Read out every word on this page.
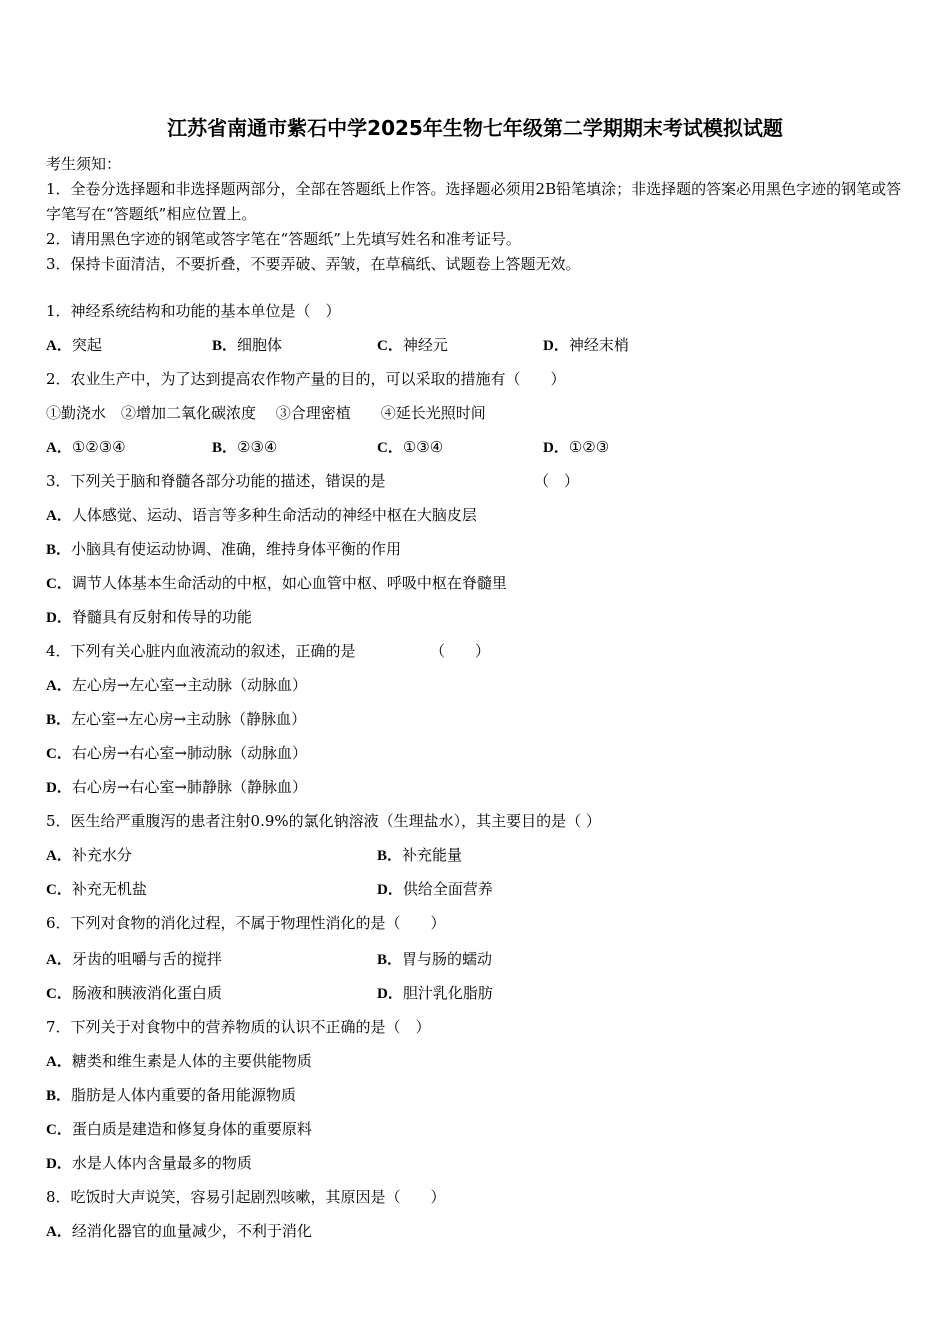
江苏省南通市紫石中学2025年生物七年级第二学期期末考试模拟试题

考生须知：

1．全卷分选择题和非选择题两部分，全部在答题纸上作答。选择题必须用2B铅笔填涂；非选择题的答案必用黑色字迹的钢笔或答字笔写在“答题纸”相应位置上。

2．请用黑色字迹的钢笔或答字笔在“答题纸”上先填写姓名和准考证号。

3．保持卡面清洁，不要折叠，不要弄破、弄皱，在草稿纸、试题卷上答题无效。

1．神经系统结构和功能的基本单位是（　）
A．突起	B．细胞体	C．神经元	D．神经末梢
2．农业生产中，为了达到提高农作物产量的目的，可以采取的措施有（　　）
①勤浇水　②增加二氧化碳浓度　 ③合理密植　　④延长光照时间
A．①②③④	B．②③④	C．①③④	D．①②③
3．下列关于脑和脊髓各部分功能的描述，错误的是	（　）
A．人体感觉、运动、语言等多种生命活动的神经中枢在大脑皮层
B．小脑具有使运动协调、准确，维持身体平衡的作用
C．调节人体基本生命活动的中枢，如心血管中枢、呼吸中枢在脊髓里
D．脊髓具有反射和传导的功能
4．下列有关心脏内血液流动的叙述，正确的是	（　　）
A．左心房→左心室→主动脉（动脉血）
B．左心室→左心房→主动脉（静脉血）
C．右心房→右心室→肺动脉（动脉血）
D．右心房→右心室→肺静脉（静脉血）
5．医生给严重腹泻的患者注射0.9%的氯化钠溶液（生理盐水），其主要目的是（ ）
A．补充水分	B．补充能量
C．补充无机盐	D．供给全面营养
6．下列对食物的消化过程，不属于物理性消化的是（　　）
A．牙齿的咀嚼与舌的搅拌	B．胃与肠的蠕动
C．肠液和胰液消化蛋白质	D．胆汁乳化脂肪
7．下列关于对食物中的营养物质的认识不正确的是（　）
A．糖类和维生素是人体的主要供能物质
B．脂肪是人体内重要的备用能源物质
C．蛋白质是建造和修复身体的重要原料
D．水是人体内含量最多的物质
8．吃饭时大声说笑，容易引起剧烈咳嗽，其原因是（　　）
A．经消化器官的血量减少，不利于消化
